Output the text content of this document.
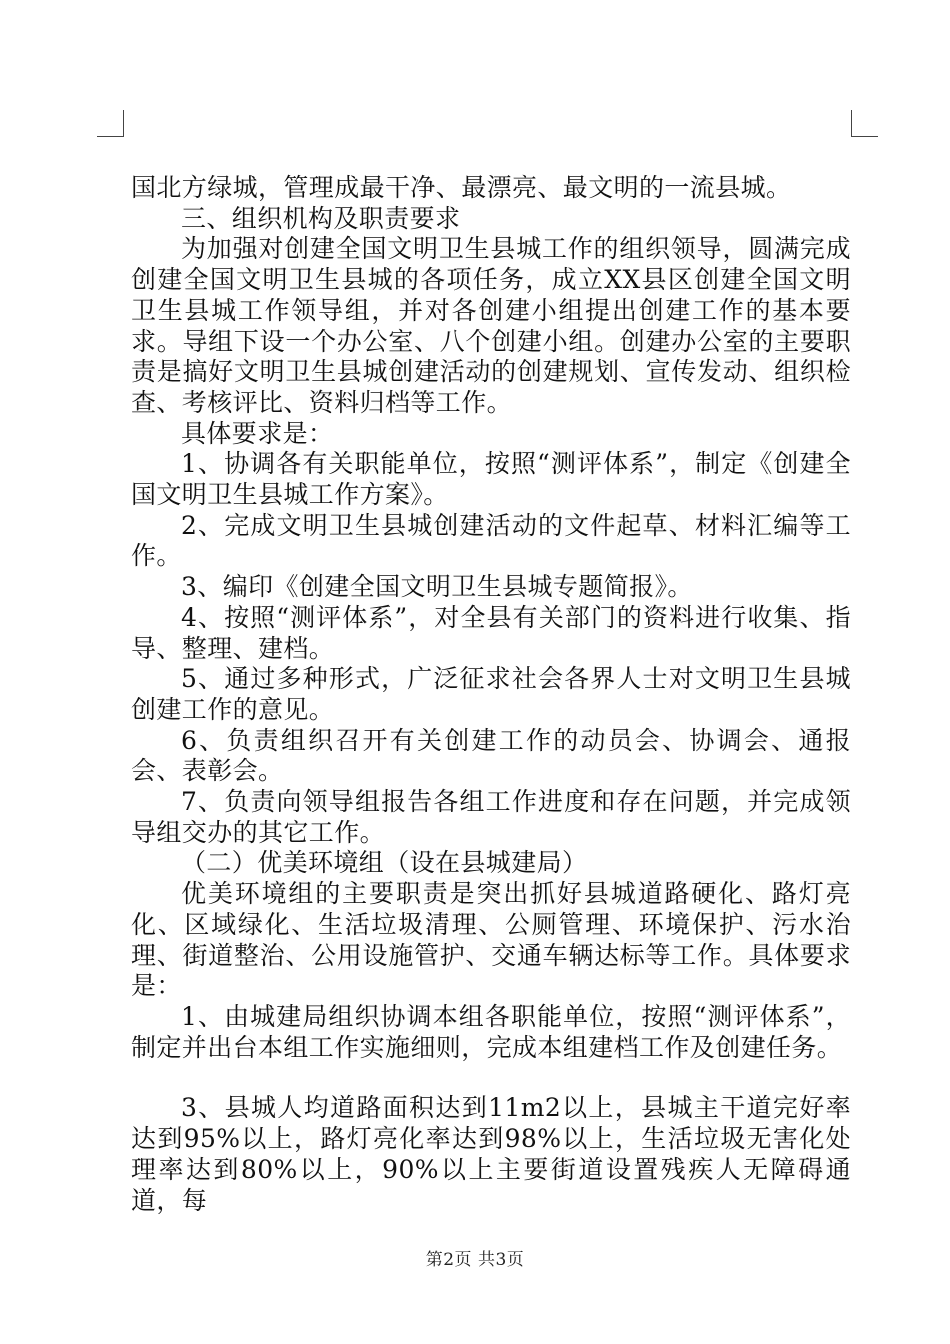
国北方绿城，管理成最干净、最漂亮、最文明的一流县城。

三、组织机构及职责要求

为加强对创建全国文明卫生县城工作的组织领导，圆满完成创建全国文明卫生县城的各项任务，成立XX县区创建全国文明卫生县城工作领导组，并对各创建小组提出创建工作的基本要求。导组下设一个办公室、八个创建小组。创建办公室的主要职责是搞好文明卫生县城创建活动的创建规划、宣传发动、组织检查、考核评比、资料归档等工作。

具体要求是：

1、协调各有关职能单位，按照“测评体系”，制定《创建全国文明卫生县城工作方案》。

2、完成文明卫生县城创建活动的文件起草、材料汇编等工作。

3、编印《创建全国文明卫生县城专题简报》。

4、按照“测评体系”，对全县有关部门的资料进行收集、指导、整理、建档。

5、通过多种形式，广泛征求社会各界人士对文明卫生县城创建工作的意见。

6、负责组织召开有关创建工作的动员会、协调会、通报会、表彰会。

7、负责向领导组报告各组工作进度和存在问题，并完成领导组交办的其它工作。

（二）优美环境组（设在县城建局）

优美环境组的主要职责是突出抓好县城道路硬化、路灯亮化、区域绿化、生活垃圾清理、公厕管理、环境保护、污水治理、街道整治、公用设施管护、交通车辆达标等工作。具体要求是：

1、由城建局组织协调本组各职能单位，按照“测评体系”，制定并出台本组工作实施细则，完成本组建档工作及创建任务。

3、县城人均道路面积达到11m2以上，县城主干道完好率达到95%以上，路灯亮化率达到98%以上，生活垃圾无害化处理率达到80%以上，90%以上主要街道设置残疾人无障碍通道，每

第2页 共3页
